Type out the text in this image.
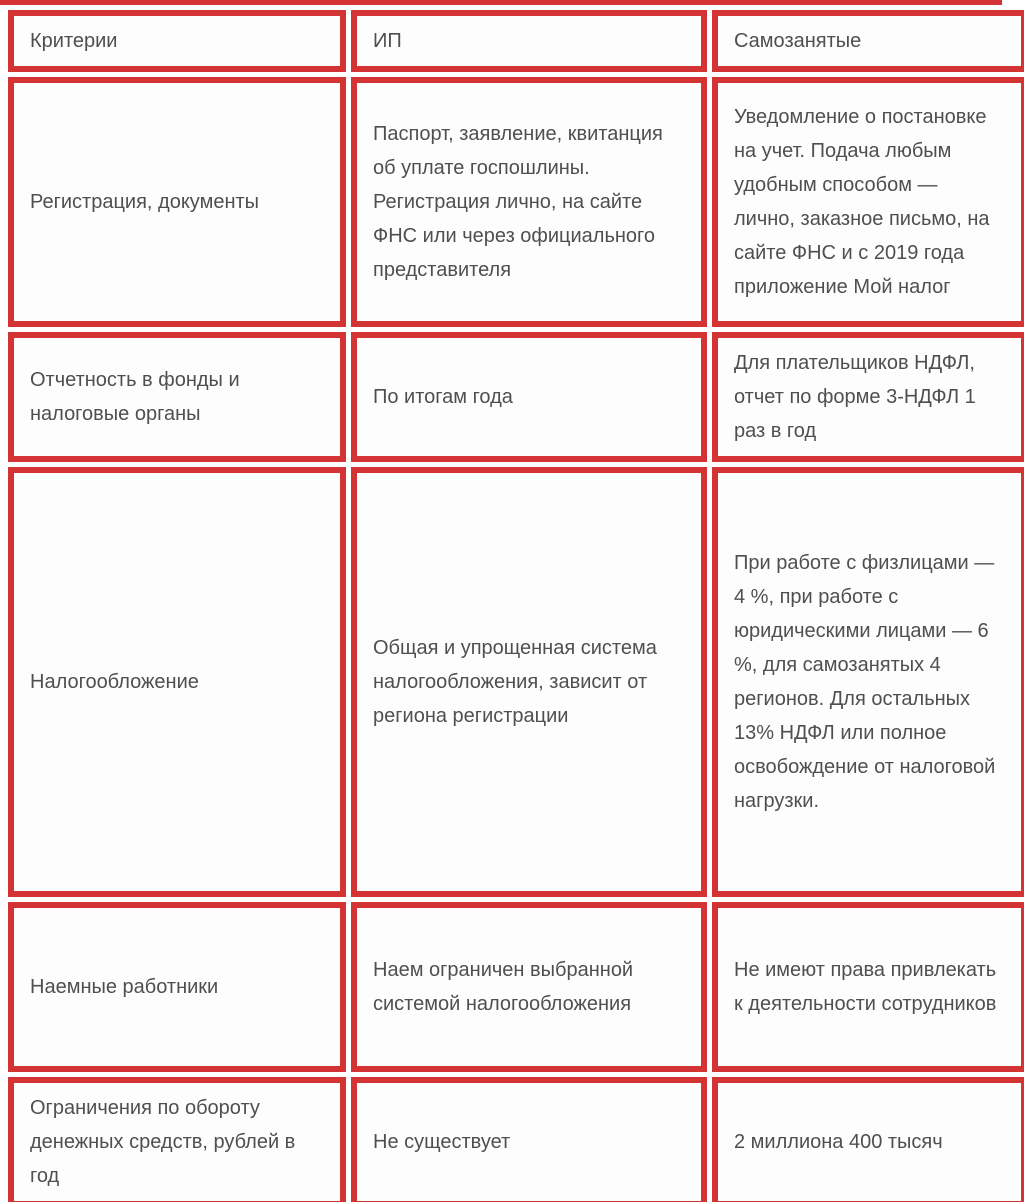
Критерии	ИП	Самозанятые
Регистрация, документы	Паспорт, заявление, квитанция об уплате госпошлины. Регистрация лично, на сайте ФНС или через официального представителя	Уведомление о постановке на учет. Подача любым удобным способом — лично, заказное письмо, на сайте ФНС и с 2019 года приложение Мой налог
Отчетность в фонды и налоговые органы	По итогам года	Для плательщиков НДФЛ, отчет по форме 3-НДФЛ 1 раз в год
Налогообложение	Общая и упрощенная система налогообложения, зависит от региона регистрации	При работе с физлицами — 4 %, при работе с юридическими лицами — 6 %, для самозанятых 4 регионов. Для остальных 13% НДФЛ или полное освобождение от налоговой нагрузки.
Наемные работники	Наем ограничен выбранной системой налогообложения	Не имеют права привлекать к деятельности сотрудников
Ограничения по обороту денежных средств, рублей в год	Не существует	2 миллиона 400 тысяч
